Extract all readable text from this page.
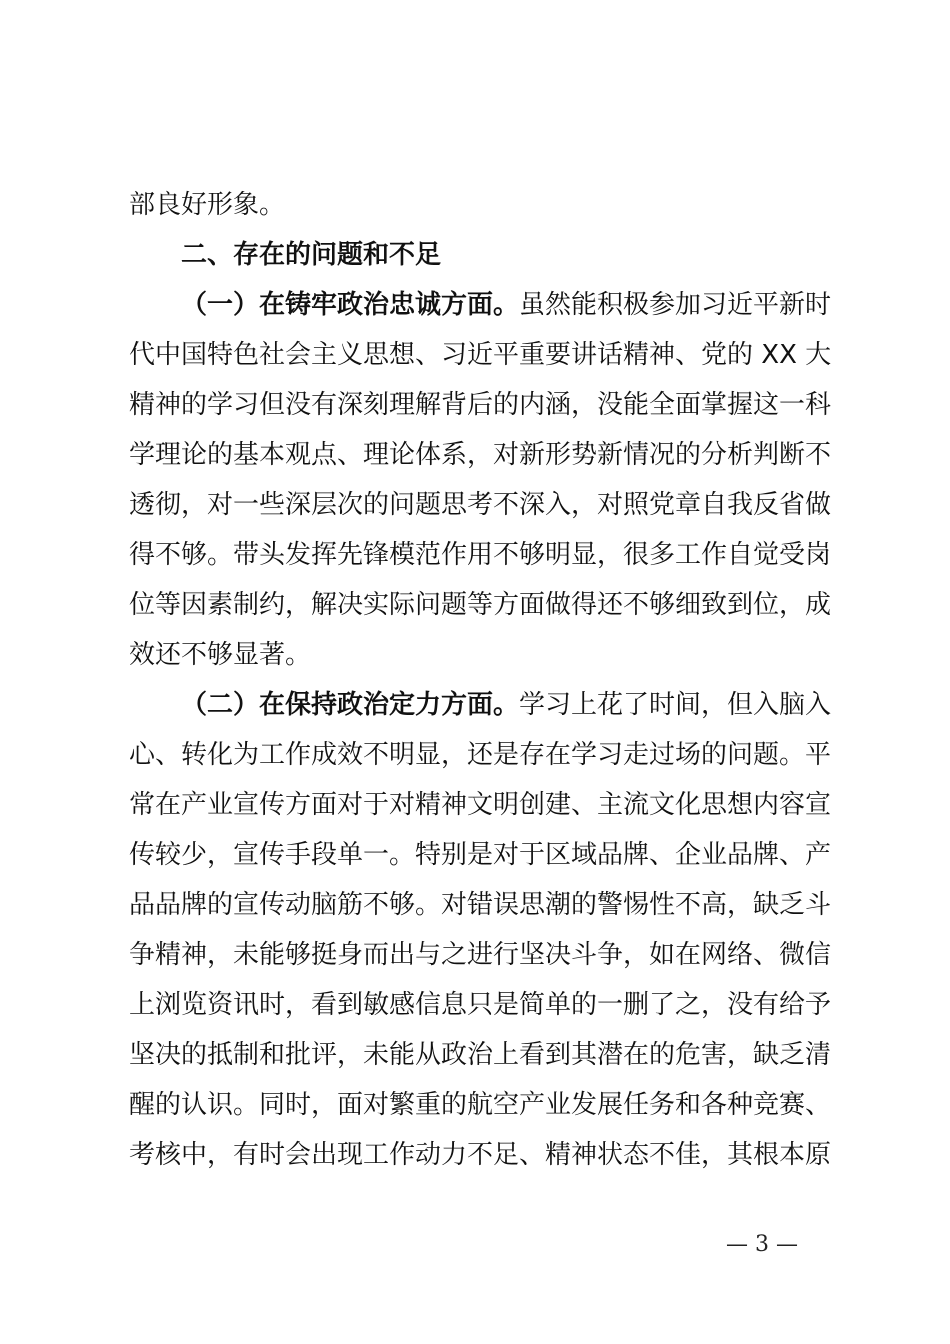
部良好形象。
二、存在的问题和不足
（一）在铸牢政治忠诚方面。虽然能积极参加习近平新时
代中国特色社会主义思想、习近平重要讲话精神、党的 XX 大
精神的学习但没有深刻理解背后的内涵，没能全面掌握这一科
学理论的基本观点、理论体系，对新形势新情况的分析判断不
透彻，对一些深层次的问题思考不深入，对照党章自我反省做
得不够。带头发挥先锋模范作用不够明显，很多工作自觉受岗
位等因素制约，解决实际问题等方面做得还不够细致到位，成
效还不够显著。
（二）在保持政治定力方面。学习上花了时间，但入脑入
心、转化为工作成效不明显，还是存在学习走过场的问题。平
常在产业宣传方面对于对精神文明创建、主流文化思想内容宣
传较少，宣传手段单一。特别是对于区域品牌、企业品牌、产
品品牌的宣传动脑筋不够。对错误思潮的警惕性不高，缺乏斗
争精神，未能够挺身而出与之进行坚决斗争，如在网络、微信
上浏览资讯时，看到敏感信息只是简单的一删了之，没有给予
坚决的抵制和批评，未能从政治上看到其潜在的危害，缺乏清
醒的认识。同时，面对繁重的航空产业发展任务和各种竞赛、
考核中，有时会出现工作动力不足、精神状态不佳，其根本原
— 3 —
